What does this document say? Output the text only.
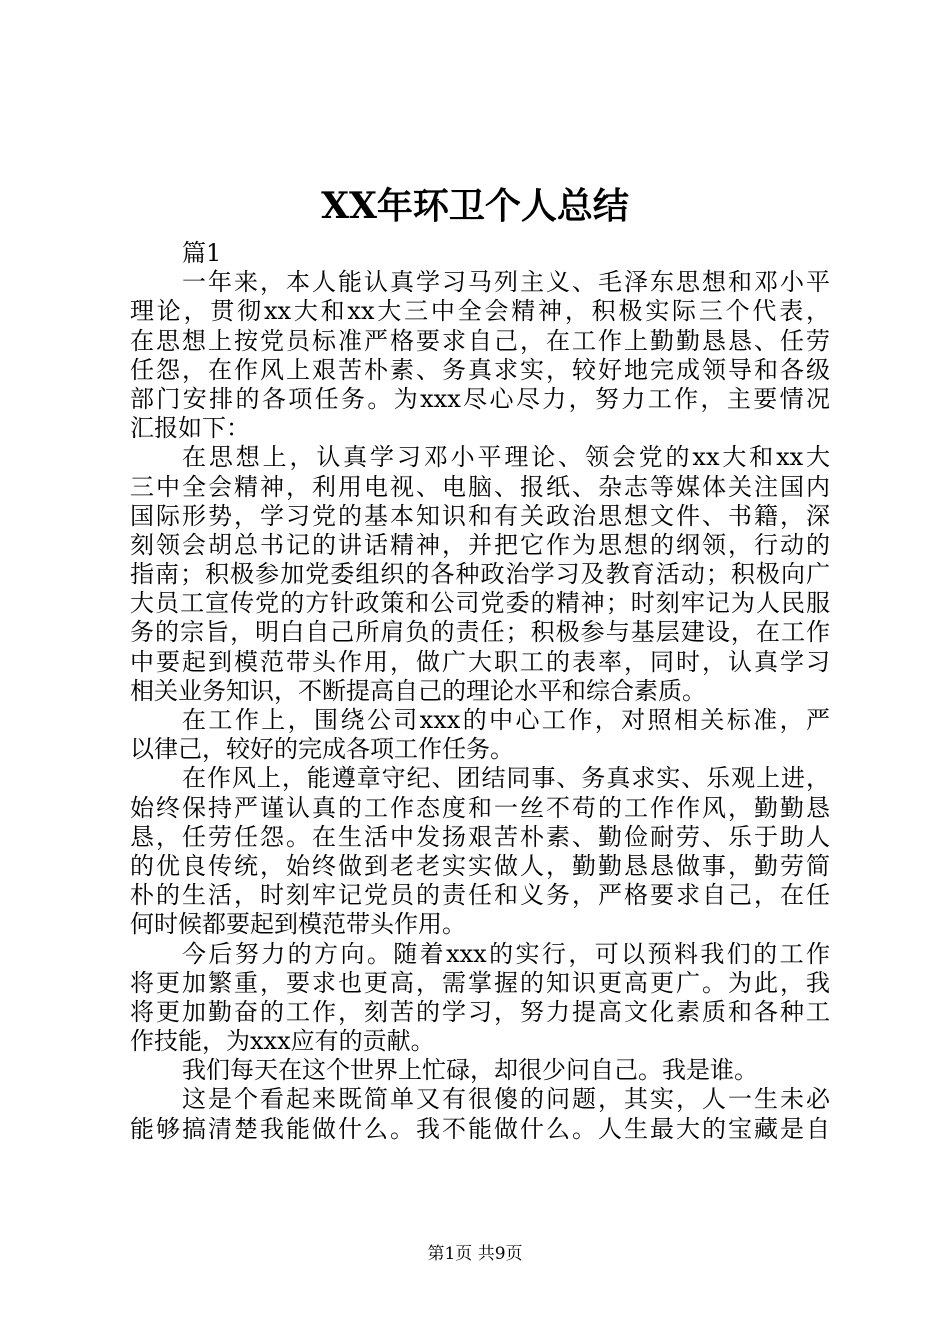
XX年环卫个人总结
篇1
一年来，本人能认真学习马列主义、毛泽东思想和邓小平
理论，贯彻xx大和xx大三中全会精神，积极实际三个代表，
在思想上按党员标准严格要求自己，在工作上勤勤恳恳、任劳
任怨，在作风上艰苦朴素、务真求实，较好地完成领导和各级
部门安排的各项任务。为xxx尽心尽力，努力工作，主要情况
汇报如下：
在思想上，认真学习邓小平理论、领会党的xx大和xx大
三中全会精神，利用电视、电脑、报纸、杂志等媒体关注国内
国际形势，学习党的基本知识和有关政治思想文件、书籍，深
刻领会胡总书记的讲话精神，并把它作为思想的纲领，行动的
指南；积极参加党委组织的各种政治学习及教育活动；积极向广
大员工宣传党的方针政策和公司党委的精神；时刻牢记为人民服
务的宗旨，明白自己所肩负的责任；积极参与基层建设，在工作
中要起到模范带头作用，做广大职工的表率，同时，认真学习
相关业务知识，不断提高自己的理论水平和综合素质。
在工作上，围绕公司xxx的中心工作，对照相关标准，严
以律己，较好的完成各项工作任务。
在作风上，能遵章守纪、团结同事、务真求实、乐观上进，
始终保持严谨认真的工作态度和一丝不苟的工作作风，勤勤恳
恳，任劳任怨。在生活中发扬艰苦朴素、勤俭耐劳、乐于助人
的优良传统，始终做到老老实实做人，勤勤恳恳做事，勤劳简
朴的生活，时刻牢记党员的责任和义务，严格要求自己，在任
何时候都要起到模范带头作用。
今后努力的方向。随着xxx的实行，可以预料我们的工作
将更加繁重，要求也更高，需掌握的知识更高更广。为此，我
将更加勤奋的工作，刻苦的学习，努力提高文化素质和各种工
作技能，为xxx应有的贡献。
我们每天在这个世界上忙碌，却很少问自己。我是谁。
这是个看起来既简单又有很傻的问题，其实，人一生未必
能够搞清楚我能做什么。我不能做什么。人生最大的宝藏是自
第1页 共9页
